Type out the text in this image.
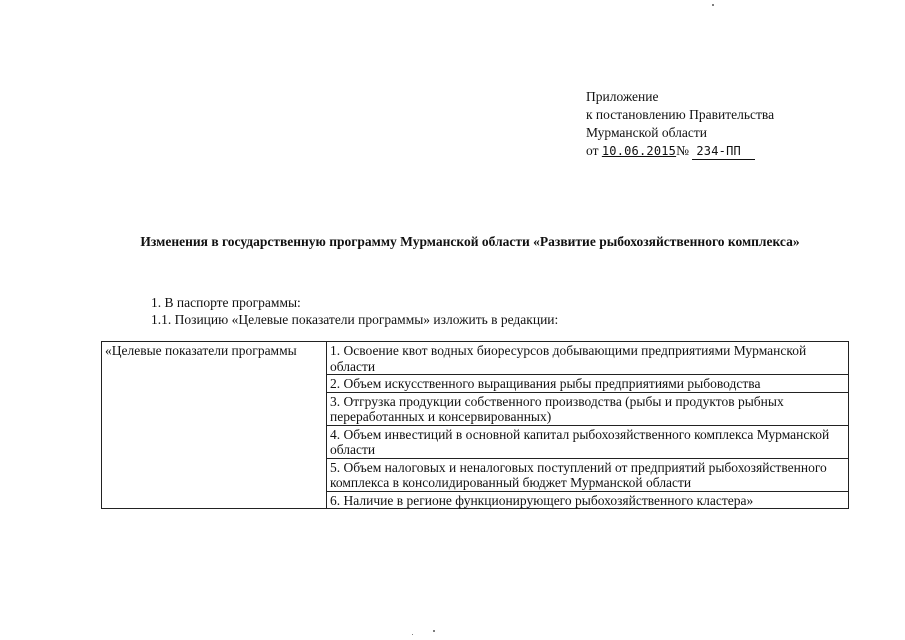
Приложение
к постановлению Правительства
Мурманской области
от 10.06.2015№ 234-ПП
Изменения в государственную программу Мурманской области «Развитие рыбохозяйственного комплекса»
1. В паспорте программы:
1.1. Позицию «Целевые показатели программы» изложить в редакции:
«Целевые показатели программы	1. Освоение квот водных биоресурсов добывающими предприятиями Мурманской области
2. Объем искусственного выращивания рыбы предприятиями рыбоводства
3. Отгрузка продукции собственного производства (рыбы и продуктов рыбных переработанных и консервированных)
4. Объем инвестиций в основной капитал рыбохозяйственного комплекса Мурманской области
5. Объем налоговых и неналоговых поступлений от предприятий рыбохозяйственного комплекса в консолидированный бюджет Мурманской области
6. Наличие в регионе функционирующего рыбохозяйственного кластера»
